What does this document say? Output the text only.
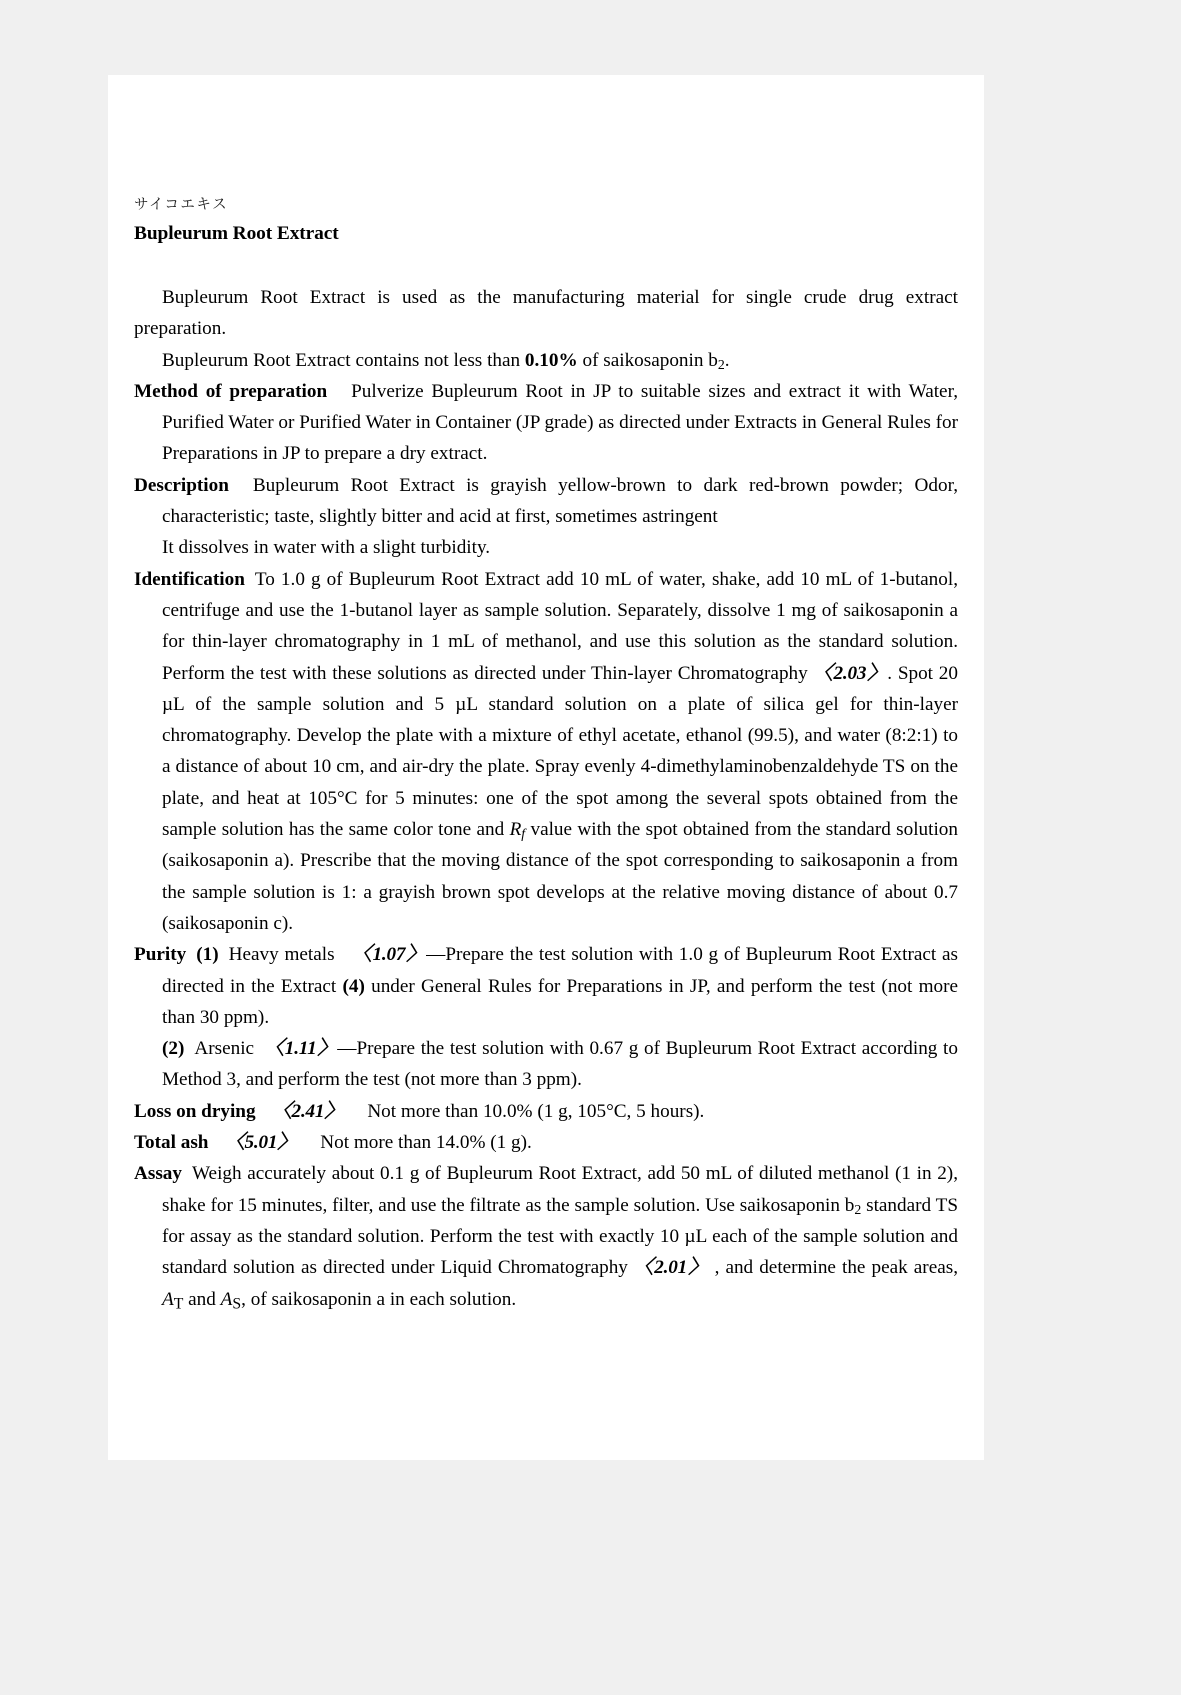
サイコエキス
Bupleurum Root Extract

Bupleurum Root Extract is used as the manufacturing material for single crude drug extract preparation.

Bupleurum Root Extract contains not less than 0.10% of saikosaponin $b_2$.

Method of preparation Pulverize Bupleurum Root in JP to suitable sizes and extract it with Water, Purified Water or Purified Water in Container (JP grade) as directed under Extracts in General Rules for Preparations in JP to prepare a dry extract.

Description Bupleurum Root Extract is grayish yellow-brown to dark red-brown powder; Odor, characteristic; taste, slightly bitter and acid at first, sometimes astringent

It dissolves in water with a slight turbidity.

Identification To 1.0 g of Bupleurum Root Extract add 10 mL of water, shake, add 10 mL of 1-butanol, centrifuge and use the 1-butanol layer as sample solution. Separately, dissolve 1 mg of saikosaponin a for thin-layer chromatography in 1 mL of methanol, and use this solution as the standard solution. Perform the test with these solutions as directed under Thin-layer Chromatography 〈2.03〉. Spot 20 µL of the sample solution and 5 µL standard solution on a plate of silica gel for thin-layer chromatography. Develop the plate with a mixture of ethyl acetate, ethanol (99.5), and water (8:2:1) to a distance of about 10 cm, and air-dry the plate. Spray evenly 4-dimethylaminobenzaldehyde TS on the plate, and heat at 105°C for 5 minutes: one of the spot among the several spots obtained from the sample solution has the same color tone and $R_f$ value with the spot obtained from the standard solution (saikosaponin a). Prescribe that the moving distance of the spot corresponding to saikosaponin a from the sample solution is 1: a grayish brown spot develops at the relative moving distance of about 0.7 (saikosaponin c).

Purity (1) Heavy metals 〈1.07〉—Prepare the test solution with 1.0 g of Bupleurum Root Extract as directed in the Extract (4) under General Rules for Preparations in JP, and perform the test (not more than 30 ppm).

(2) Arsenic 〈1.11〉—Prepare the test solution with 0.67 g of Bupleurum Root Extract according to Method 3, and perform the test (not more than 3 ppm).

Loss on drying 〈2.41〉 Not more than 10.0% (1 g, 105°C, 5 hours).

Total ash 〈5.01〉 Not more than 14.0% (1 g).

Assay Weigh accurately about 0.1 g of Bupleurum Root Extract, add 50 mL of diluted methanol (1 in 2), shake for 15 minutes, filter, and use the filtrate as the sample solution. Use saikosaponin $b_2$ standard TS for assay as the standard solution. Perform the test with exactly 10 µL each of the sample solution and standard solution as directed under Liquid Chromatography 〈2.01〉 , and determine the peak areas, $A_T$ and $A_S$, of saikosaponin a in each solution.
